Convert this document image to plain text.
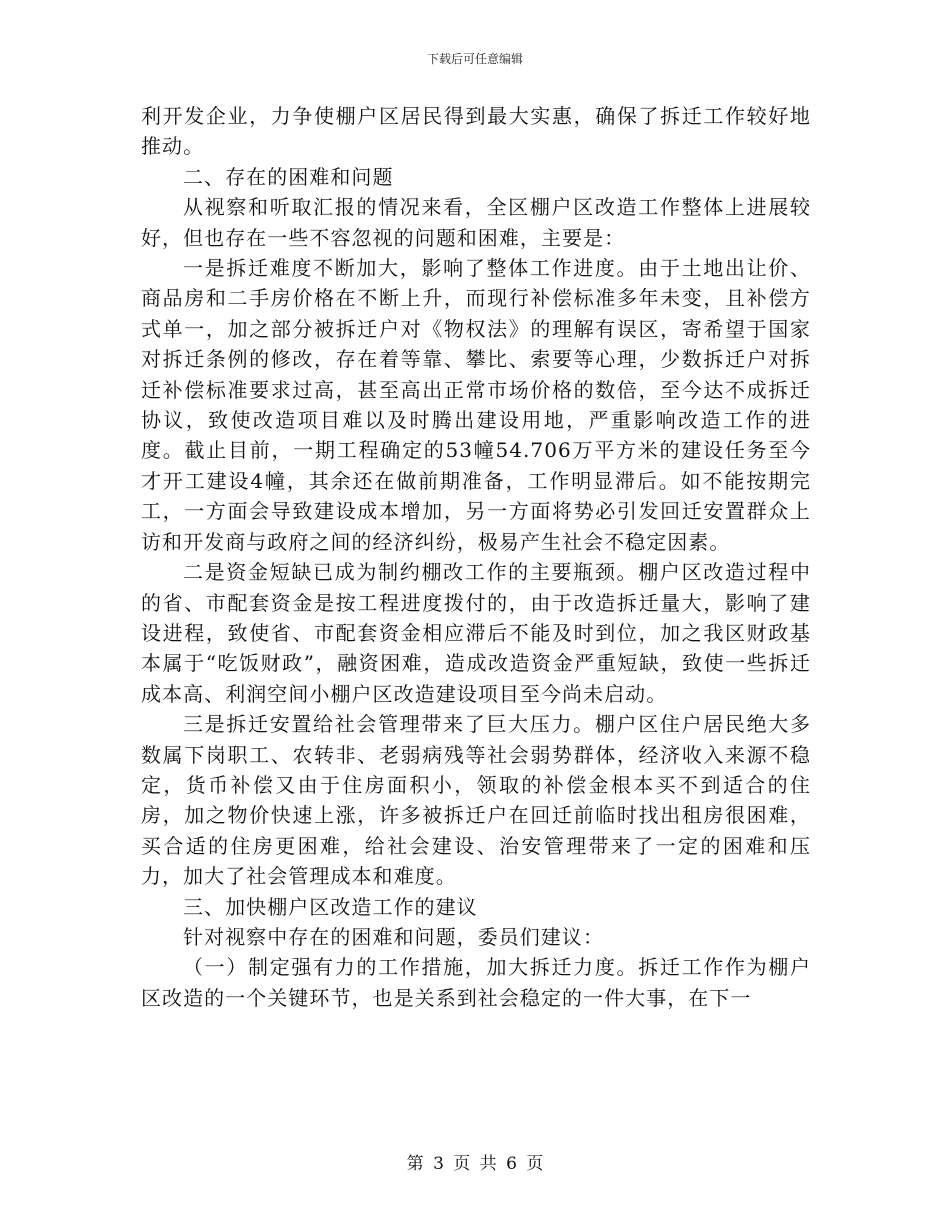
下载后可任意编辑

利开发企业，力争使棚户区居民得到最大实惠，确保了拆迁工作较好地推动。

二、存在的困难和问题

从视察和听取汇报的情况来看，全区棚户区改造工作整体上进展较好，但也存在一些不容忽视的问题和困难，主要是：

一是拆迁难度不断加大，影响了整体工作进度。由于土地出让价、商品房和二手房价格在不断上升，而现行补偿标准多年未变，且补偿方式单一，加之部分被拆迁户对《物权法》的理解有误区，寄希望于国家对拆迁条例的修改，存在着等靠、攀比、索要等心理，少数拆迁户对拆迁补偿标准要求过高，甚至高出正常市场价格的数倍，至今达不成拆迁协议，致使改造项目难以及时腾出建设用地，严重影响改造工作的进度。截止目前，一期工程确定的53幢54.706万平方米的建设任务至今才开工建设4幢，其余还在做前期准备，工作明显滞后。如不能按期完工，一方面会导致建设成本增加，另一方面将势必引发回迁安置群众上访和开发商与政府之间的经济纠纷，极易产生社会不稳定因素。

二是资金短缺已成为制约棚改工作的主要瓶颈。棚户区改造过程中的省、市配套资金是按工程进度拨付的，由于改造拆迁量大，影响了建设进程，致使省、市配套资金相应滞后不能及时到位，加之我区财政基本属于“吃饭财政”，融资困难，造成改造资金严重短缺，致使一些拆迁成本高、利润空间小棚户区改造建设项目至今尚未启动。

三是拆迁安置给社会管理带来了巨大压力。棚户区住户居民绝大多数属下岗职工、农转非、老弱病残等社会弱势群体，经济收入来源不稳定，货币补偿又由于住房面积小，领取的补偿金根本买不到适合的住房，加之物价快速上涨，许多被拆迁户在回迁前临时找出租房很困难，买合适的住房更困难，给社会建设、治安管理带来了一定的困难和压力，加大了社会管理成本和难度。

三、加快棚户区改造工作的建议

针对视察中存在的困难和问题，委员们建议：

（一）制定强有力的工作措施，加大拆迁力度。拆迁工作作为棚户区改造的一个关键环节，也是关系到社会稳定的一件大事，在下一

第 3 页 共 6 页
